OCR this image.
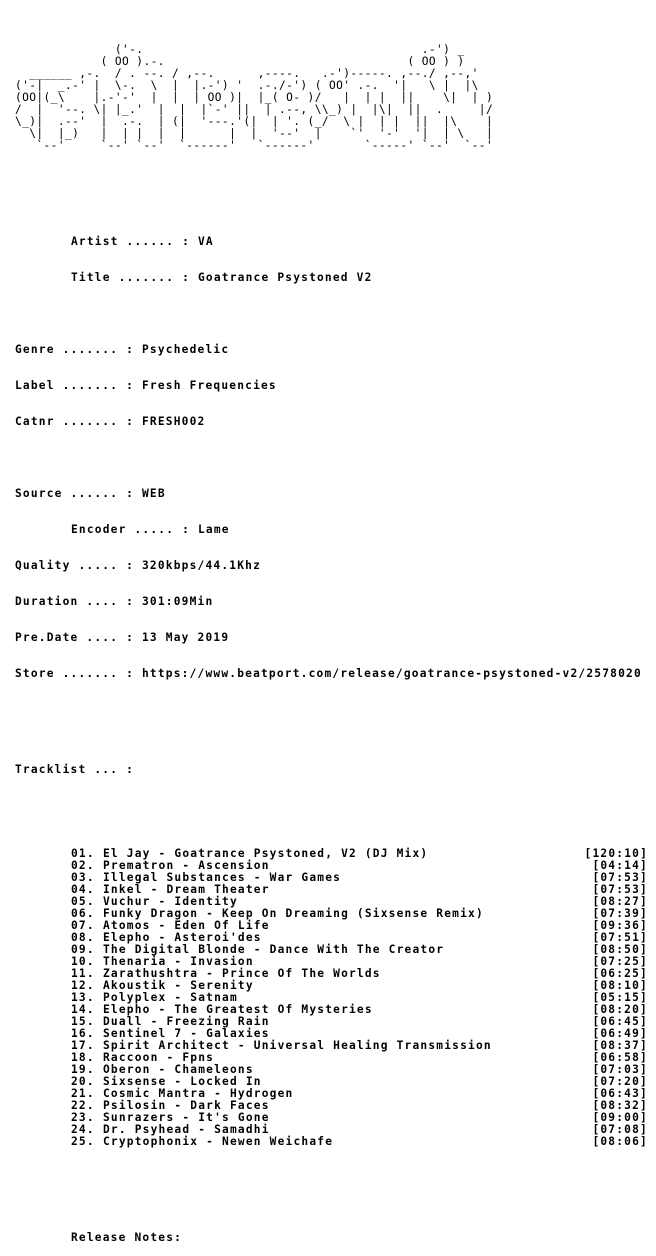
('-.                                       .-') _
( OO ).-.                                  ( OO ) )
______ ,-.  / . --. / ,--.      ,----.   .-')-----. ,--./ ,--,'
('-|  _.-' |  \-.  \  |  |.-') '  .-./-') ( OO' .-.  '|   \ |  |\
(OO|(_\    |.-'-'  |  |  | OO )|  |_( O- )/   |  | |  ||    \|  | )
/  |  '--. \| |_.'  |  |  |`-' ||  | .--, \\_) |  |\|  ||  .     |/
\_)|  .--'  |  .-.  | (|  '---.'(|  | '. (_/  \ |  | |  ||  |\    |
\|  |_)   |  | |  |  |      |  |  '--'  |    `'  '-'  '|  | \   |
`--'     `--' `--'  `------'   `------'       `-----' `--'  `--'

Artist ...... : VA

Title ....... : Goatrance Psystoned V2

Genre ....... : Psychedelic

Label ....... : Fresh Frequencies

Catnr ....... : FRESH002

Source ...... : WEB

Encoder ..... : Lame

Quality ..... : 320kbps/44.1Khz

Duration .... : 301:09Min

Pre.Date .... : 13 May 2019

Store ....... : https://www.beatport.com/release/goatrance-psystoned-v2/2578020

Tracklist ... :

01. El Jay - Goatrance Psystoned, V2 (DJ Mix)	[120:10]
02. Prematron - Ascension	[04:14]
03. Illegal Substances - War Games	[07:53]
04. Inkel - Dream Theater	[07:53]
05. Vuchur - Identity	[08:27]
06. Funky Dragon - Keep On Dreaming (Sixsense Remix)	[07:39]
07. Atomos - Eden Of Life	[09:36]
08. Elepho - Asteroi'des	[07:51]
09. The Digital Blonde - Dance With The Creator	[08:50]
10. Thenaria - Invasion	[07:25]
11. Zarathushtra - Prince Of The Worlds	[06:25]
12. Akoustik - Serenity	[08:10]
13. Polyplex - Satnam	[05:15]
14. Elepho - The Greatest Of Mysteries	[08:20]
15. Duall - Freezing Rain	[06:45]
16. Sentinel 7 - Galaxies	[06:49]
17. Spirit Architect - Universal Healing Transmission	[08:37]
18. Raccoon - Fpns	[06:58]
19. Oberon - Chameleons	[07:03]
20. Sixsense - Locked In	[07:20]
21. Cosmic Mantra - Hydrogen	[06:43]
22. Psilosin - Dark Faces	[08:32]
23. Sunrazers - It's Gone	[09:00]
24. Dr. Psyhead - Samadhi	[07:08]
25. Cryptophonix - Newen Weichafe	[08:06]

Release Notes:
